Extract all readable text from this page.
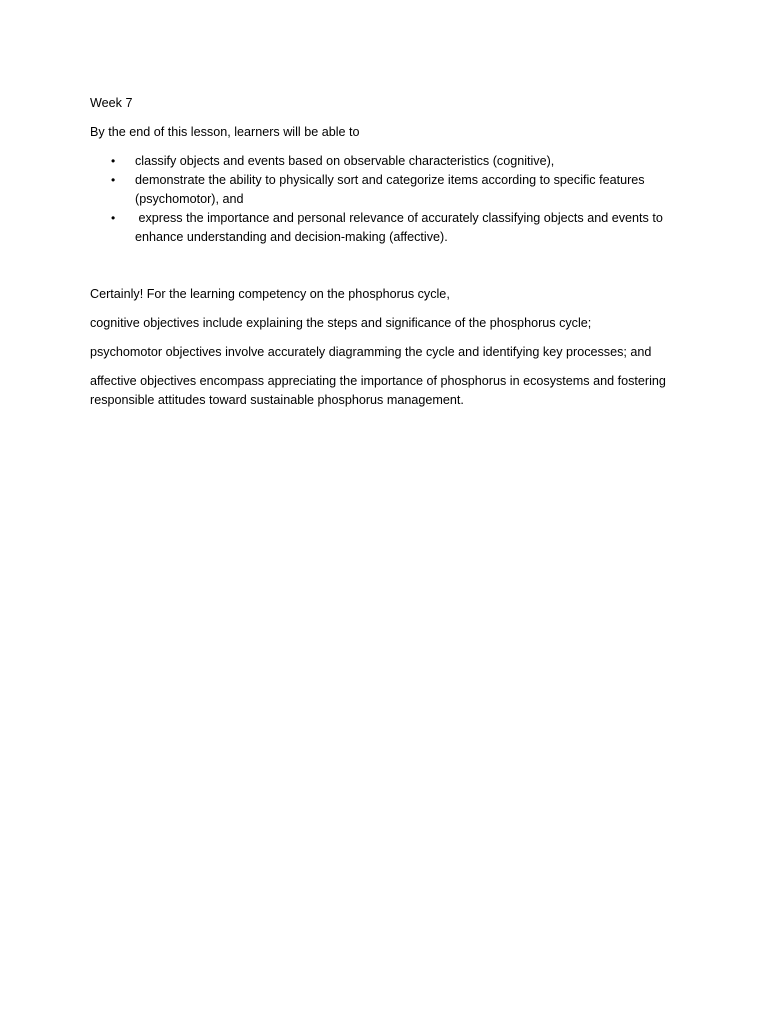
Week 7

By the end of this lesson, learners will be able to

•	classify objects and events based on observable characteristics (cognitive),
•	demonstrate the ability to physically sort and categorize items according to specific features (psychomotor), and
•	express the importance and personal relevance of accurately classifying objects and events to enhance understanding and decision-making (affective).

Certainly! For the learning competency on the phosphorus cycle,

cognitive objectives include explaining the steps and significance of the phosphorus cycle;

psychomotor objectives involve accurately diagramming the cycle and identifying key processes; and

affective objectives encompass appreciating the importance of phosphorus in ecosystems and fostering responsible attitudes toward sustainable phosphorus management.
